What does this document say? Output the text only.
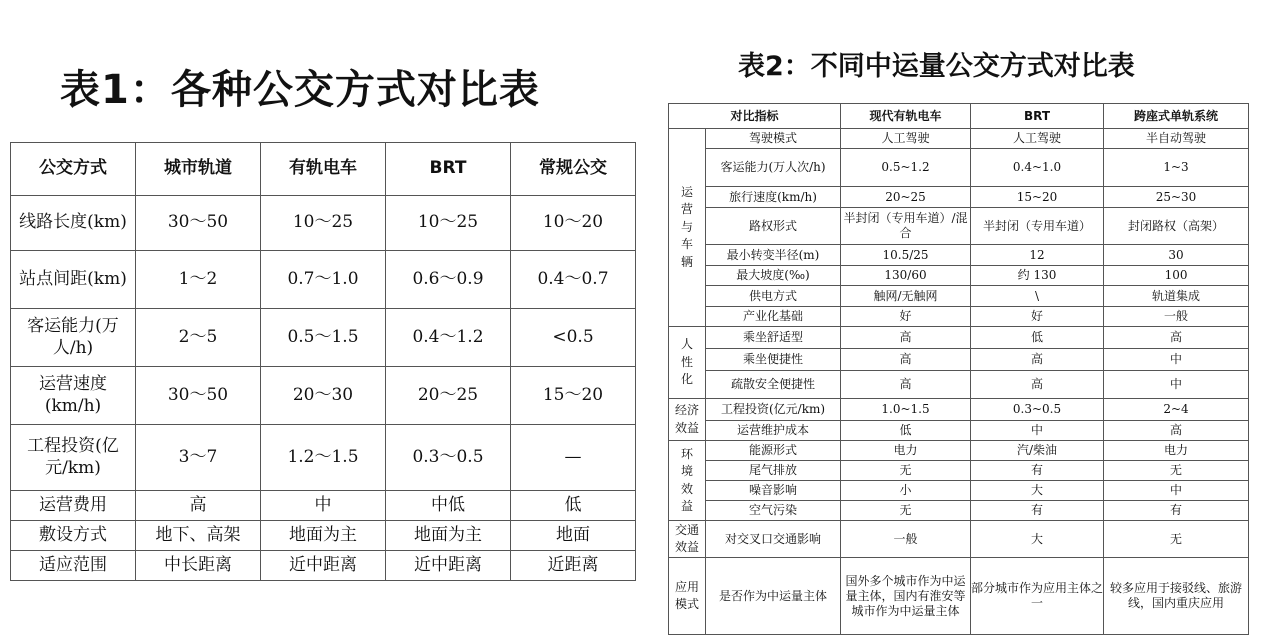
表1：各种公交方式对比表
表2：不同中运量公交方式对比表
公交方式	城市轨道	有轨电车	BRT	常规公交
线路长度(km)	30～50	10～25	10～25	10～20
站点间距(km)	1～2	0.7～1.0	0.6～0.9	0.4～0.7
客运能力(万人/h)	2～5	0.5～1.5	0.4～1.2	<0.5
运营速度(km/h)	30～50	20～30	20～25	15～20
工程投资(亿元/km)	3～7	1.2～1.5	0.3～0.5	—
运营费用	高	中	中低	低
敷设方式	地下、高架	地面为主	地面为主	地面
适应范围	中长距离	近中距离	近中距离	近距离
对比指标		现代有轨电车	BRT	跨座式单轨系统
运营与车辆	驾驶模式	人工驾驶	人工驾驶	半自动驾驶
	客运能力(万人次/h)	0.5~1.2	0.4~1.0	1~3
	旅行速度(km/h)	20~25	15~20	25~30
	路权形式	半封闭（专用车道）/混合	半封闭（专用车道）	封闭路权（高架）
	最小转变半径(m)	10.5/25	12	30
	最大坡度(‰)	130/60	约 130	100
	供电方式	触网/无触网	\	轨道集成
	产业化基础	好	好	一般
人性化	乘坐舒适型	高	低	高
	乘坐便捷性	高	高	中
	疏散安全便捷性	高	高	中
经济效益	工程投资(亿元/km)	1.0~1.5	0.3~0.5	2~4
	运营维护成本	低	中	高
环境效益	能源形式	电力	汽/柴油	电力
	尾气排放	无	有	无
	噪音影响	小	大	中
	空气污染	无	有	有
交通效益	对交叉口交通影响	一般	大	无
应用模式	是否作为中运量主体	国外多个城市作为中运量主体，国内有淮安等城市作为中运量主体	部分城市作为应用主体之一	较多应用于接驳线、旅游线，国内重庆应用
